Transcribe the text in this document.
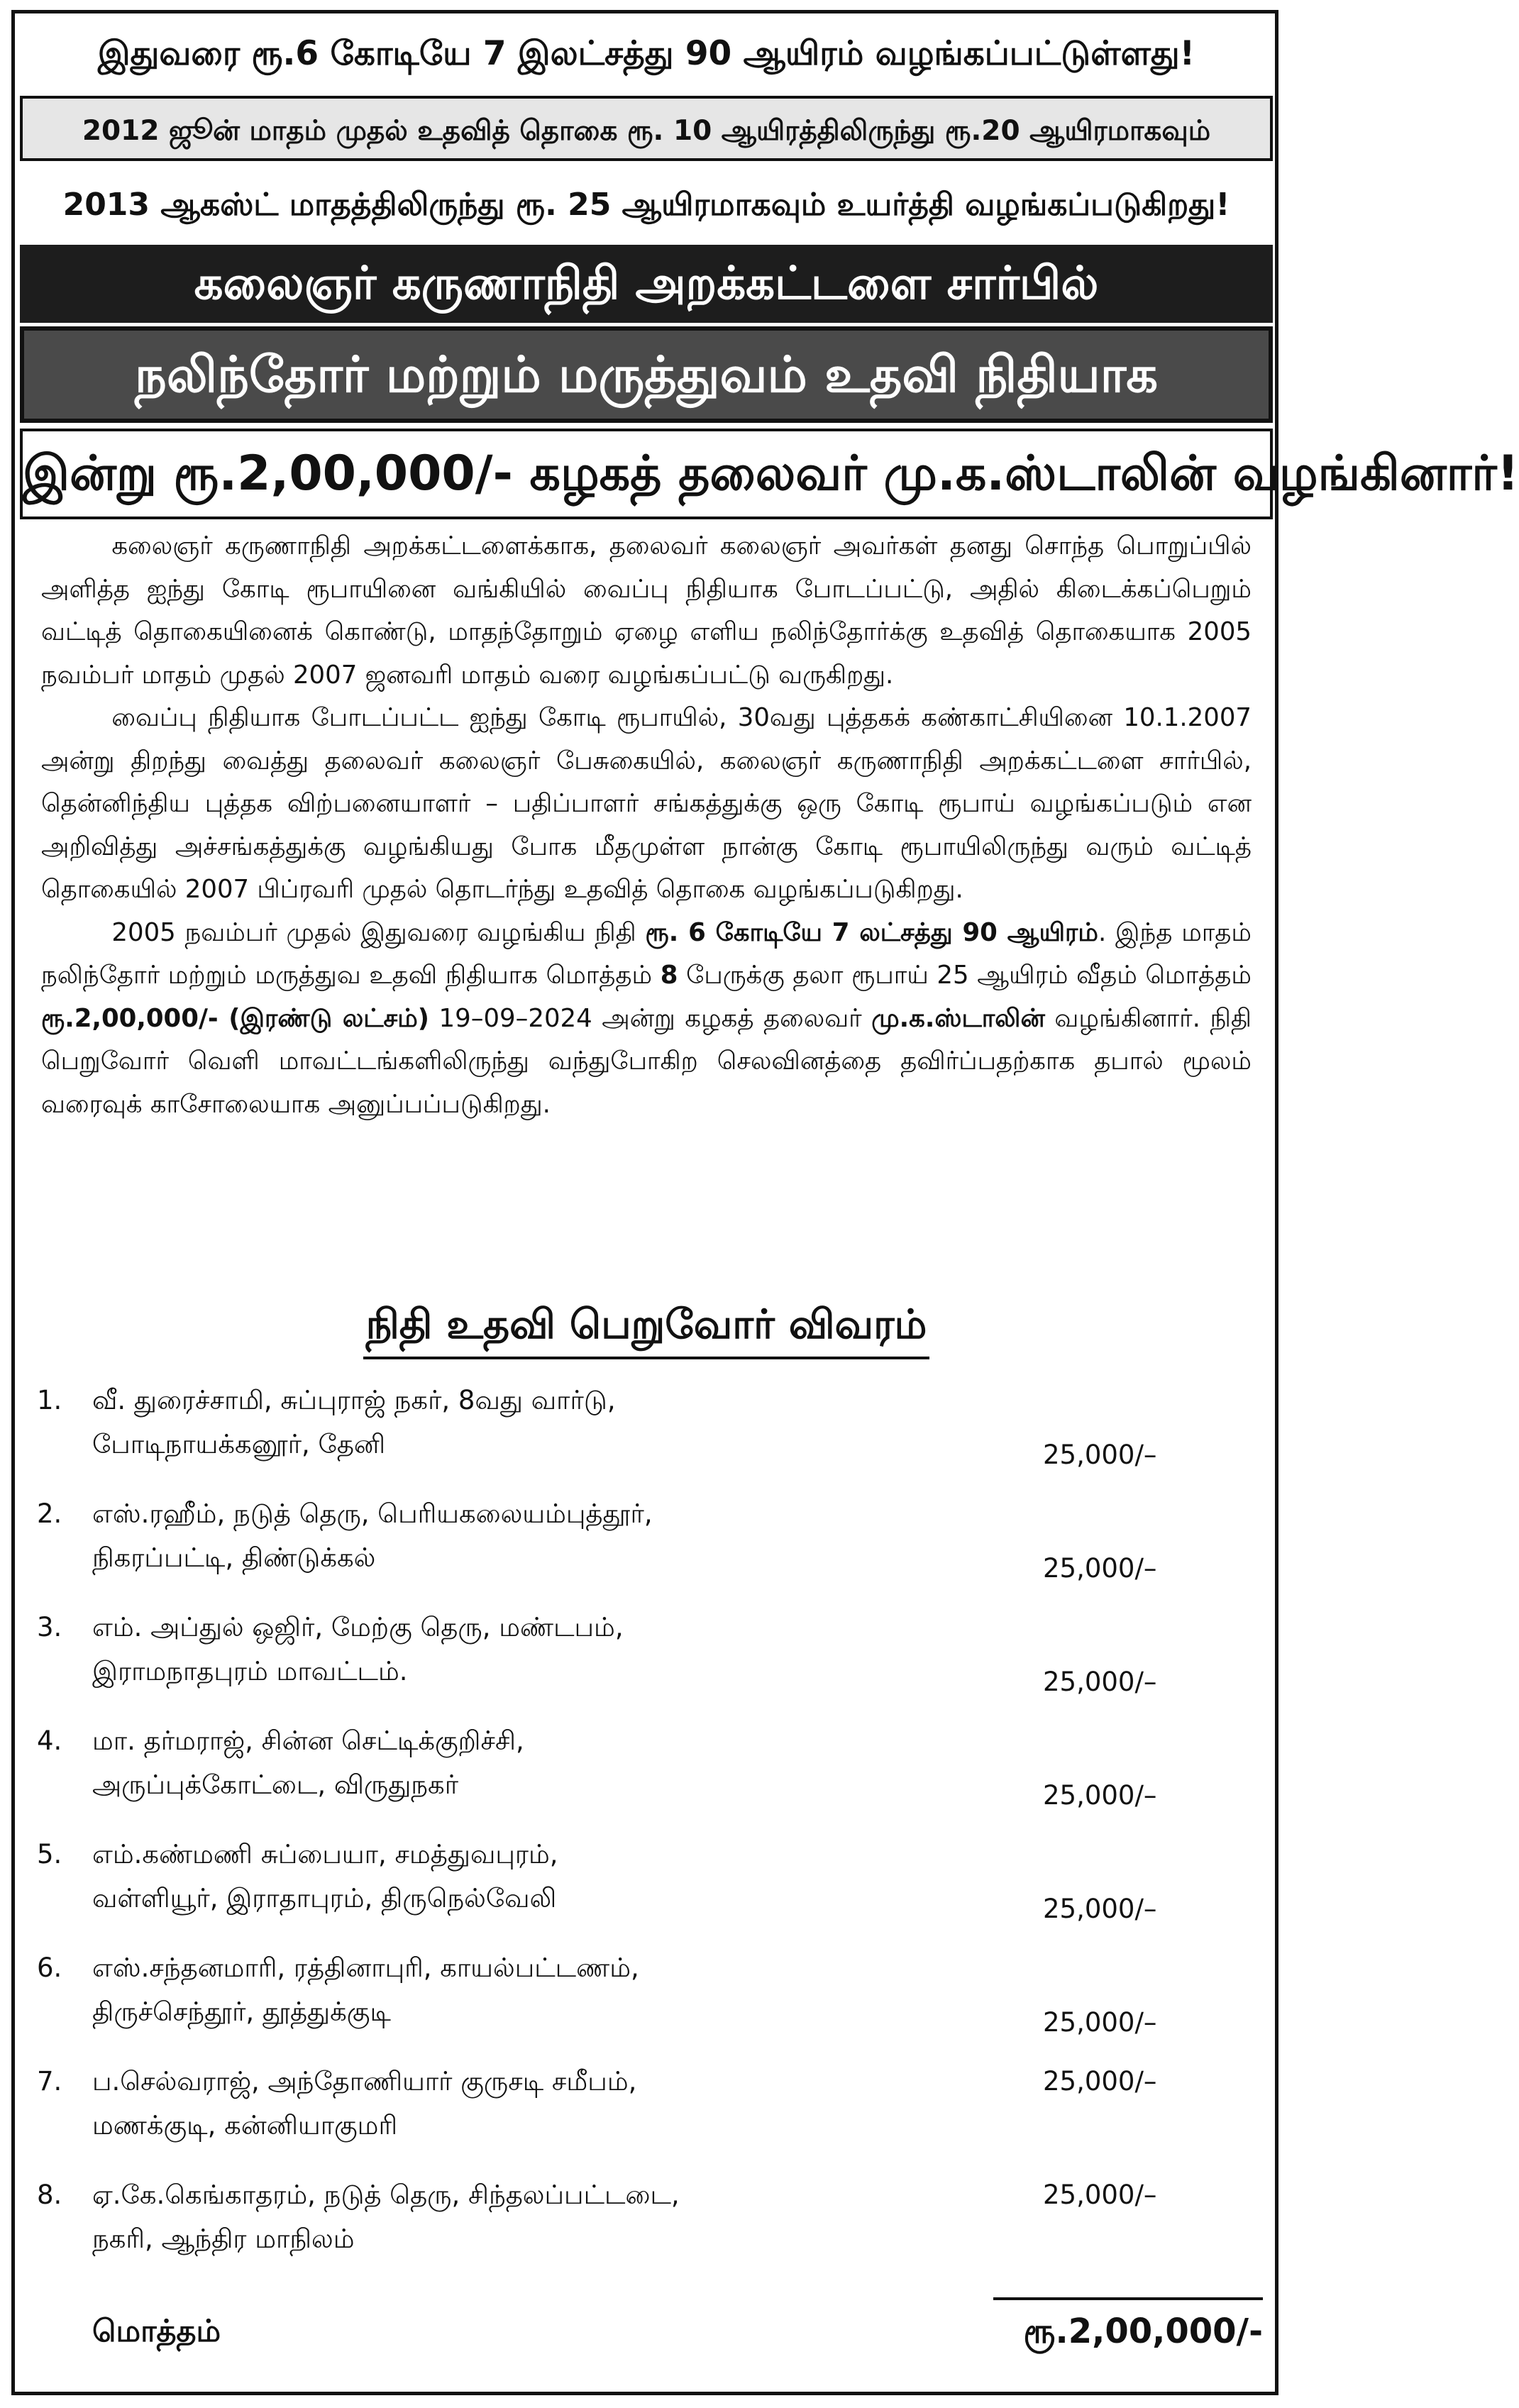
இதுவரை ரூ.6 கோடியே 7 இலட்சத்து 90 ஆயிரம் வழங்கப்பட்டுள்ளது!
2012 ஜூன் மாதம் முதல் உதவித் தொகை ரூ. 10 ஆயிரத்திலிருந்து ரூ.20 ஆயிரமாகவும்
2013 ஆகஸ்ட் மாதத்திலிருந்து ரூ. 25 ஆயிரமாகவும் உயர்த்தி வழங்கப்படுகிறது!
கலைஞர் கருணாநிதி அறக்கட்டளை சார்பில்
நலிந்தோர் மற்றும் மருத்துவம் உதவி நிதியாக
இன்று ரூ.2,00,000/- கழகத் தலைவர் மு.க.ஸ்டாலின் வழங்கினார்!

கலைஞர் கருணாநிதி அறக்கட்டளைக்காக, தலைவர் கலைஞர் அவர்கள் தனது சொந்த பொறுப்பில் அளித்த ஐந்து கோடி ரூபாயினை வங்கியில் வைப்பு நிதியாக போடப்பட்டு, அதில் கிடைக்கப்பெறும் வட்டித் தொகையினைக் கொண்டு, மாதந்தோறும் ஏழை எளிய நலிந்தோர்க்கு உதவித் தொகையாக 2005 நவம்பர் மாதம் முதல் 2007 ஜனவரி மாதம் வரை வழங்கப்பட்டு வருகிறது.

வைப்பு நிதியாக போடப்பட்ட ஐந்து கோடி ரூபாயில், 30வது புத்தகக் கண்காட்சியினை 10.1.2007 அன்று திறந்து வைத்து தலைவர் கலைஞர் பேசுகையில், கலைஞர் கருணாநிதி அறக்கட்டளை சார்பில், தென்னிந்திய புத்தக விற்பனையாளர் – பதிப்பாளர் சங்கத்துக்கு ஒரு கோடி ரூபாய் வழங்கப்படும் என அறிவித்து அச்சங்கத்துக்கு வழங்கியது போக மீதமுள்ள நான்கு கோடி ரூபாயிலிருந்து வரும் வட்டித் தொகையில் 2007 பிப்ரவரி முதல் தொடர்ந்து உதவித் தொகை வழங்கப்படுகிறது.

2005 நவம்பர் முதல் இதுவரை வழங்கிய நிதி ரூ. 6 கோடியே 7 லட்சத்து 90 ஆயிரம். இந்த மாதம் நலிந்தோர் மற்றும் மருத்துவ உதவி நிதியாக மொத்தம் 8 பேருக்கு தலா ரூபாய் 25 ஆயிரம் வீதம் மொத்தம் ரூ.2,00,000/- (இரண்டு லட்சம்) 19–09–2024 அன்று கழகத் தலைவர் மு.க.ஸ்டாலின் வழங்கினார். நிதி பெறுவோர் வெளி மாவட்டங்களிலிருந்து வந்துபோகிற செலவினத்தை தவிர்ப்பதற்காக தபால் மூலம் வரைவுக் காசோலையாக அனுப்பப்படுகிறது.

நிதி உதவி பெறுவோர் விவரம்
1. வீ. துரைச்சாமி, சுப்புராஜ் நகர், 8வது வார்டு,
போடிநாயக்கனூர், தேனி	25,000/–
2. எஸ்.ரஹீம், நடுத் தெரு, பெரியகலையம்புத்தூர்,
நிகரப்பட்டி, திண்டுக்கல்	25,000/–
3. எம். அப்துல் ஒஜிர், மேற்கு தெரு, மண்டபம்,
இராமநாதபுரம் மாவட்டம்.	25,000/–
4. மா. தர்மராஜ், சின்ன செட்டிக்குறிச்சி,
அருப்புக்கோட்டை, விருதுநகர்	25,000/–
5. எம்.கண்மணி சுப்பையா, சமத்துவபுரம்,
வள்ளியூர், இராதாபுரம், திருநெல்வேலி	25,000/–
6. எஸ்.சந்தனமாரி, ரத்தினாபுரி, காயல்பட்டணம்,
திருச்செந்தூர், தூத்துக்குடி	25,000/–
7. ப.செல்வராஜ், அந்தோணியார் குருசடி சமீபம்,
மணக்குடி, கன்னியாகுமரி
25,000/–
8. ஏ.கே.கெங்காதரம், நடுத் தெரு, சிந்தலப்பட்டடை,
நகரி, ஆந்திர மாநிலம்
25,000/–
மொத்தம்	ரூ.2,00,000/-
